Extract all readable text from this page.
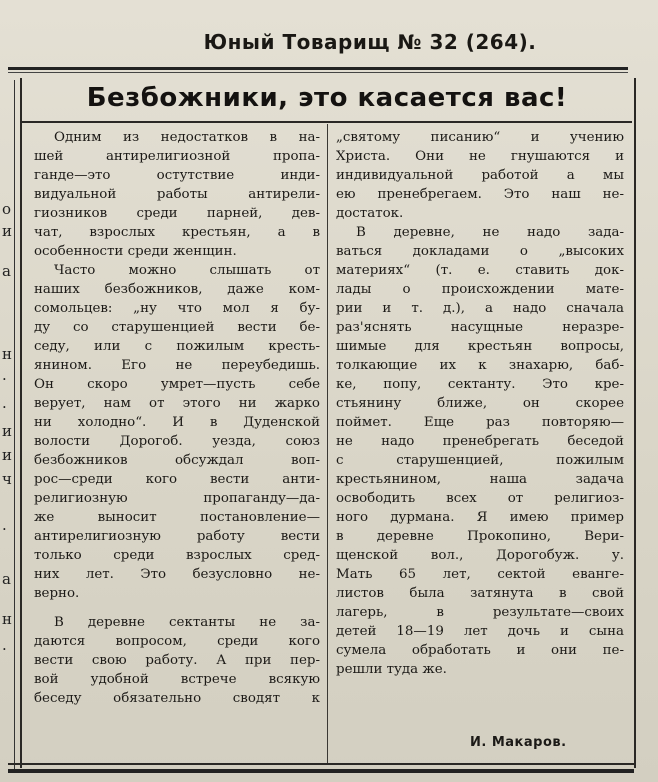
Юный Товарищ № 32 (264).
о
и
а
н
·
·
и
и
ч
·
а
н
·
Безбожники, это касается вас!
Одним из недостатков в на-
шей антирелигиозной пропа-
ганде—это остутствие инди-
видуальной работы антирели-
гиозников среди парней, дев-
чат, взрослых крестьян, а в
особенности среди женщин.
Часто можно слышать от
наших безбожников, даже ком-
сомольцев: „ну что мол я бу-
ду со старушенцией вести бе-
седу, или с пожилым кресть-
янином. Его не переубедишь.
Он скоро умрет—пусть себе
верует, нам от этого ни жарко
ни холодно“. И в Дуденской
волости Дорогоб. уезда, союз
безбожников обсуждал воп-
рос—среди кого вести анти-
религиозную пропаганду—да-
же выносит постановление—
антирелигиозную работу вести
только среди взрослых сред-
них лет. Это безусловно не-
верно.
В деревне сектанты не за-
даются вопросом, среди кого
вести свою работу. А при пер-
вой удобной встрече всякую
беседу обязательно сводят к
„святому писанию“ и учению
Христа. Они не гнушаются и
индивидуальной работой а мы
ею пренебрегаем. Это наш не-
достаток.
В деревне, не надо зада-
ваться докладами о „высоких
материях“ (т. е. ставить док-
лады о происхождении мате-
рии и т. д.), а надо сначала
раз'яснять насущные неразре-
шимые для крестьян вопросы,
толкающие их к знахарю, баб-
ке, попу, сектанту. Это кре-
стьянину ближе, он скорее
поймет. Еще раз повторяю—
не надо пренебрегать беседой
с старушенцией, пожилым
крестьянином, наша задача
освободить всех от религиоз-
ного дурмана. Я имею пример
в деревне Прокопино, Вери-
щенской вол., Дорогобуж. у.
Мать 65 лет, сектой еванге-
листов была затянута в свой
лагерь, в результате—своих
детей 18—19 лет дочь и сына
сумела обработать и они пе-
решли туда же.
И. Макаров.
